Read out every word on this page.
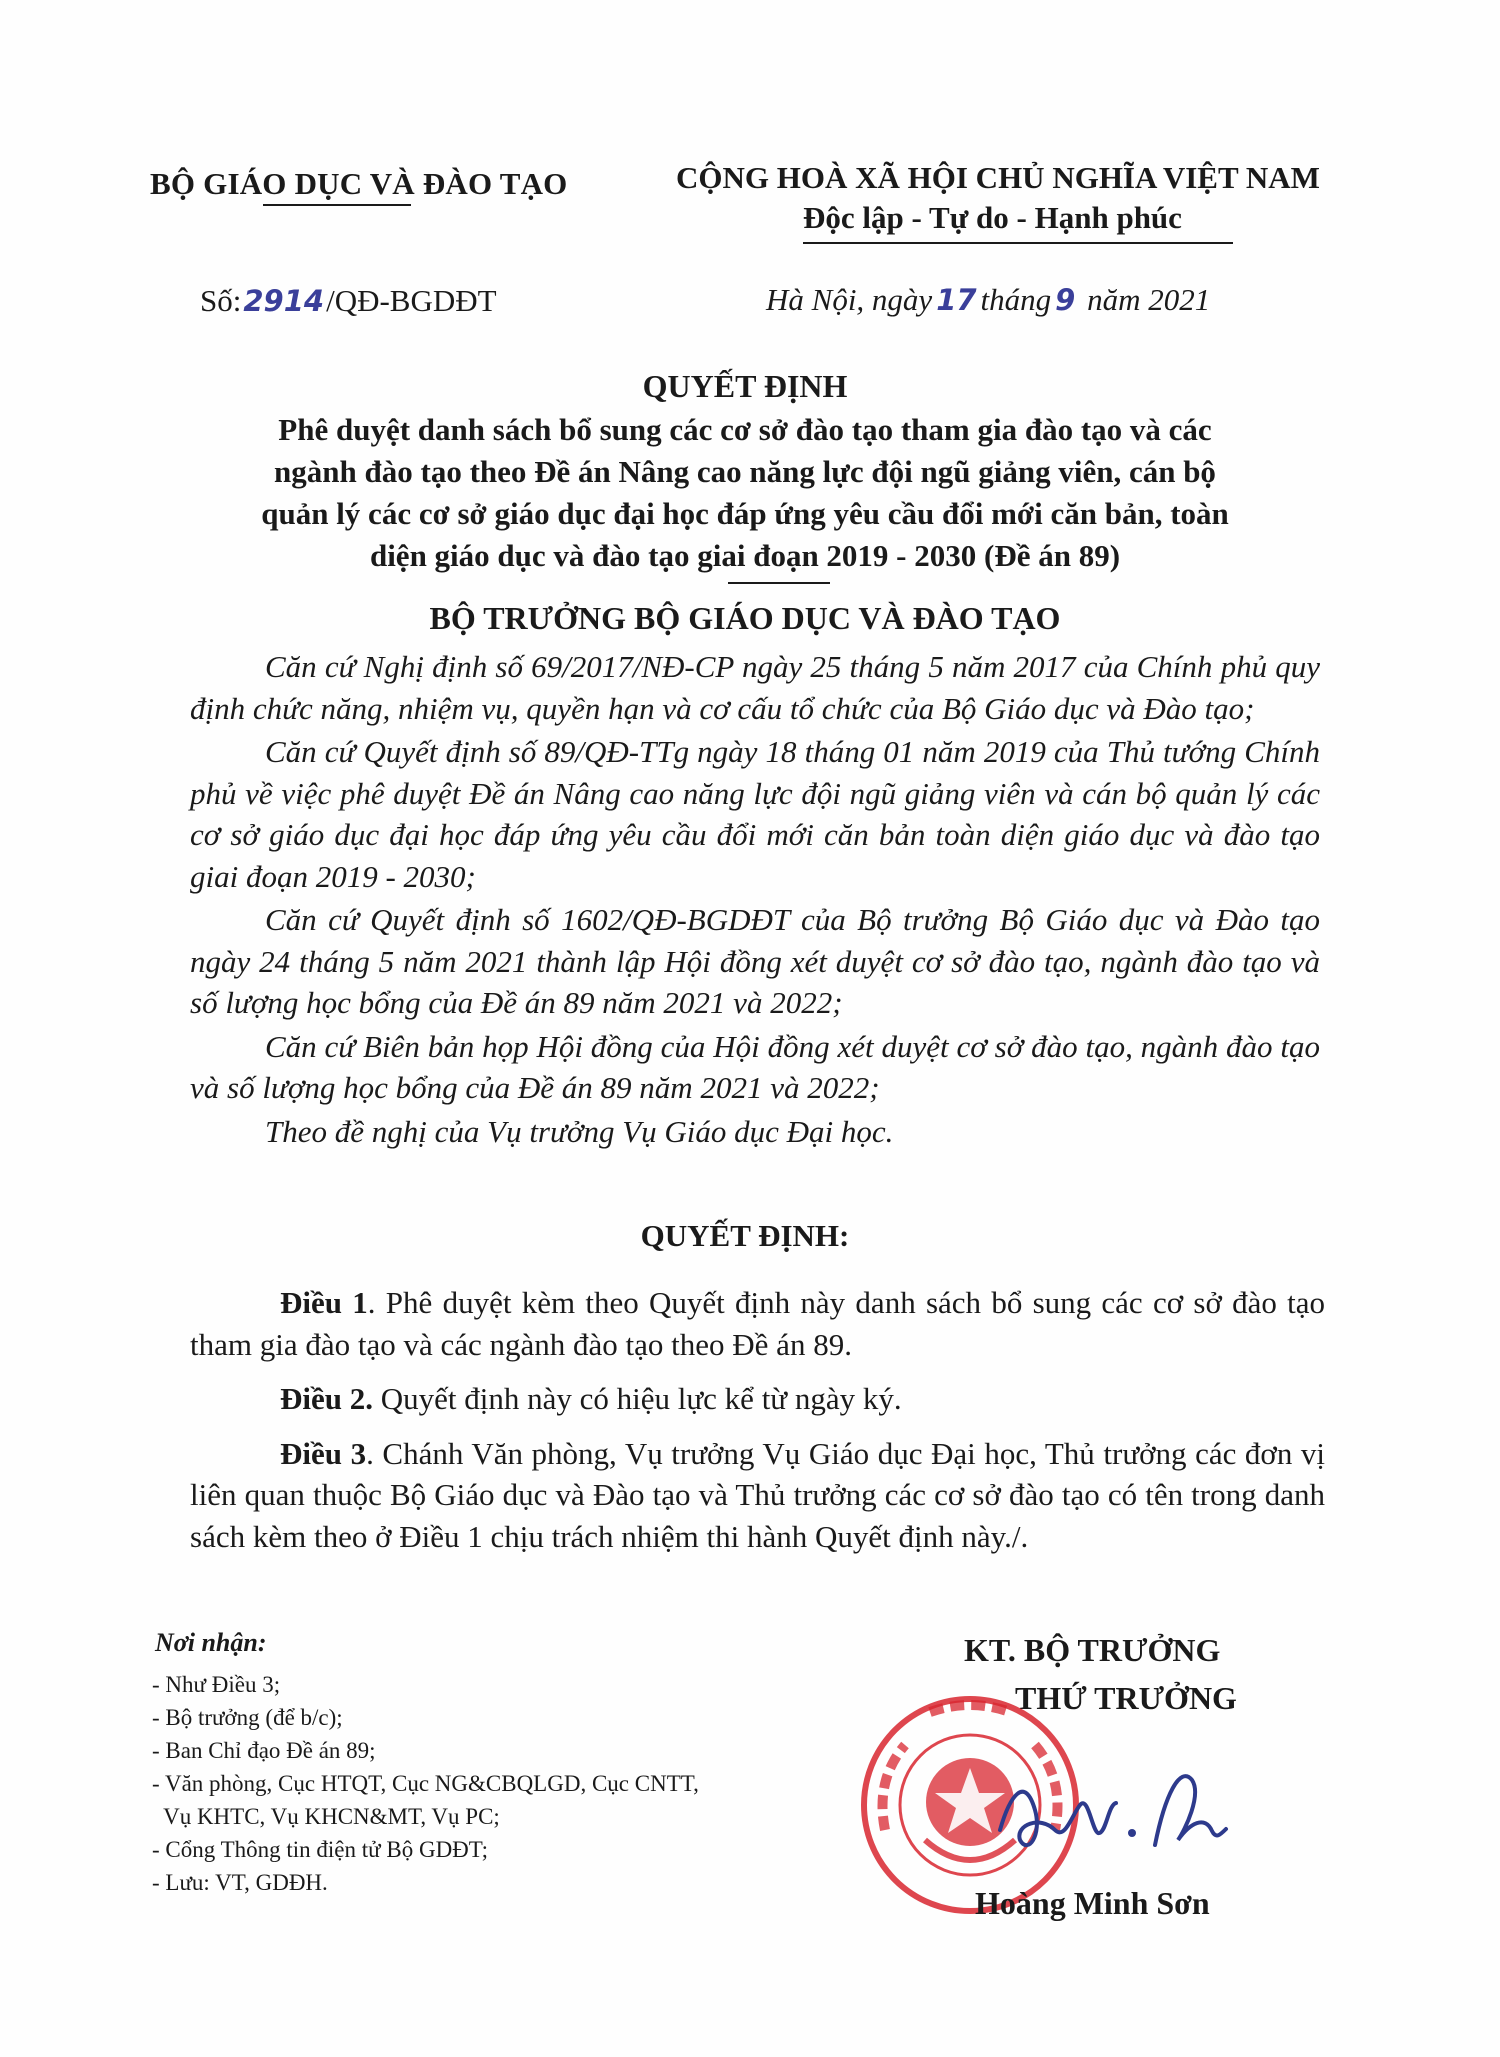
BỘ GIÁO DỤC VÀ ĐÀO TẠO	CỘNG HOÀ XÃ HỘI CHỦ NGHĨA VIỆT NAM
Độc lập - Tự do - Hạnh phúc
Số:2914/QĐ-BGDĐT	Hà Nội, ngày 17 tháng 9 năm 2021
QUYẾT ĐỊNH
Phê duyệt danh sách bổ sung các cơ sở đào tạo tham gia đào tạo và các
ngành đào tạo theo Đề án Nâng cao năng lực đội ngũ giảng viên, cán bộ
quản lý các cơ sở giáo dục đại học đáp ứng yêu cầu đổi mới căn bản, toàn
diện giáo dục và đào tạo giai đoạn 2019 - 2030 (Đề án 89)
BỘ TRƯỞNG BỘ GIÁO DỤC VÀ ĐÀO TẠO

Căn cứ Nghị định số 69/2017/NĐ-CP ngày 25 tháng 5 năm 2017 của Chính phủ quy định chức năng, nhiệm vụ, quyền hạn và cơ cấu tổ chức của Bộ Giáo dục và Đào tạo;

Căn cứ Quyết định số 89/QĐ-TTg ngày 18 tháng 01 năm 2019 của Thủ tướng Chính phủ về việc phê duyệt Đề án Nâng cao năng lực đội ngũ giảng viên và cán bộ quản lý các cơ sở giáo dục đại học đáp ứng yêu cầu đổi mới căn bản toàn diện giáo dục và đào tạo giai đoạn 2019 - 2030;

Căn cứ Quyết định số 1602/QĐ-BGDĐT của Bộ trưởng Bộ Giáo dục và Đào tạo ngày 24 tháng 5 năm 2021 thành lập Hội đồng xét duyệt cơ sở đào tạo, ngành đào tạo và số lượng học bổng của Đề án 89 năm 2021 và 2022;

Căn cứ Biên bản họp Hội đồng của Hội đồng xét duyệt cơ sở đào tạo, ngành đào tạo và số lượng học bổng của Đề án 89 năm 2021 và 2022;

Theo đề nghị của Vụ trưởng Vụ Giáo dục Đại học.

QUYẾT ĐỊNH:

Điều 1. Phê duyệt kèm theo Quyết định này danh sách bổ sung các cơ sở đào tạo tham gia đào tạo và các ngành đào tạo theo Đề án 89.

Điều 2. Quyết định này có hiệu lực kể từ ngày ký.

Điều 3. Chánh Văn phòng, Vụ trưởng Vụ Giáo dục Đại học, Thủ trưởng các đơn vị liên quan thuộc Bộ Giáo dục và Đào tạo và Thủ trưởng các cơ sở đào tạo có tên trong danh sách kèm theo ở Điều 1 chịu trách nhiệm thi hành Quyết định này./.

Nơi nhận:
- Như Điều 3;
- Bộ trưởng (để b/c);
- Ban Chỉ đạo Đề án 89;
- Văn phòng, Cục HTQT, Cục NG&CBQLGD, Cục CNTT,
Vụ KHTC, Vụ KHCN&MT, Vụ PC;
- Cổng Thông tin điện tử Bộ GDĐT;
- Lưu: VT, GDĐH.
KT. BỘ TRƯỞNG
THỨ TRƯỞNG
Hoàng Minh Sơn
